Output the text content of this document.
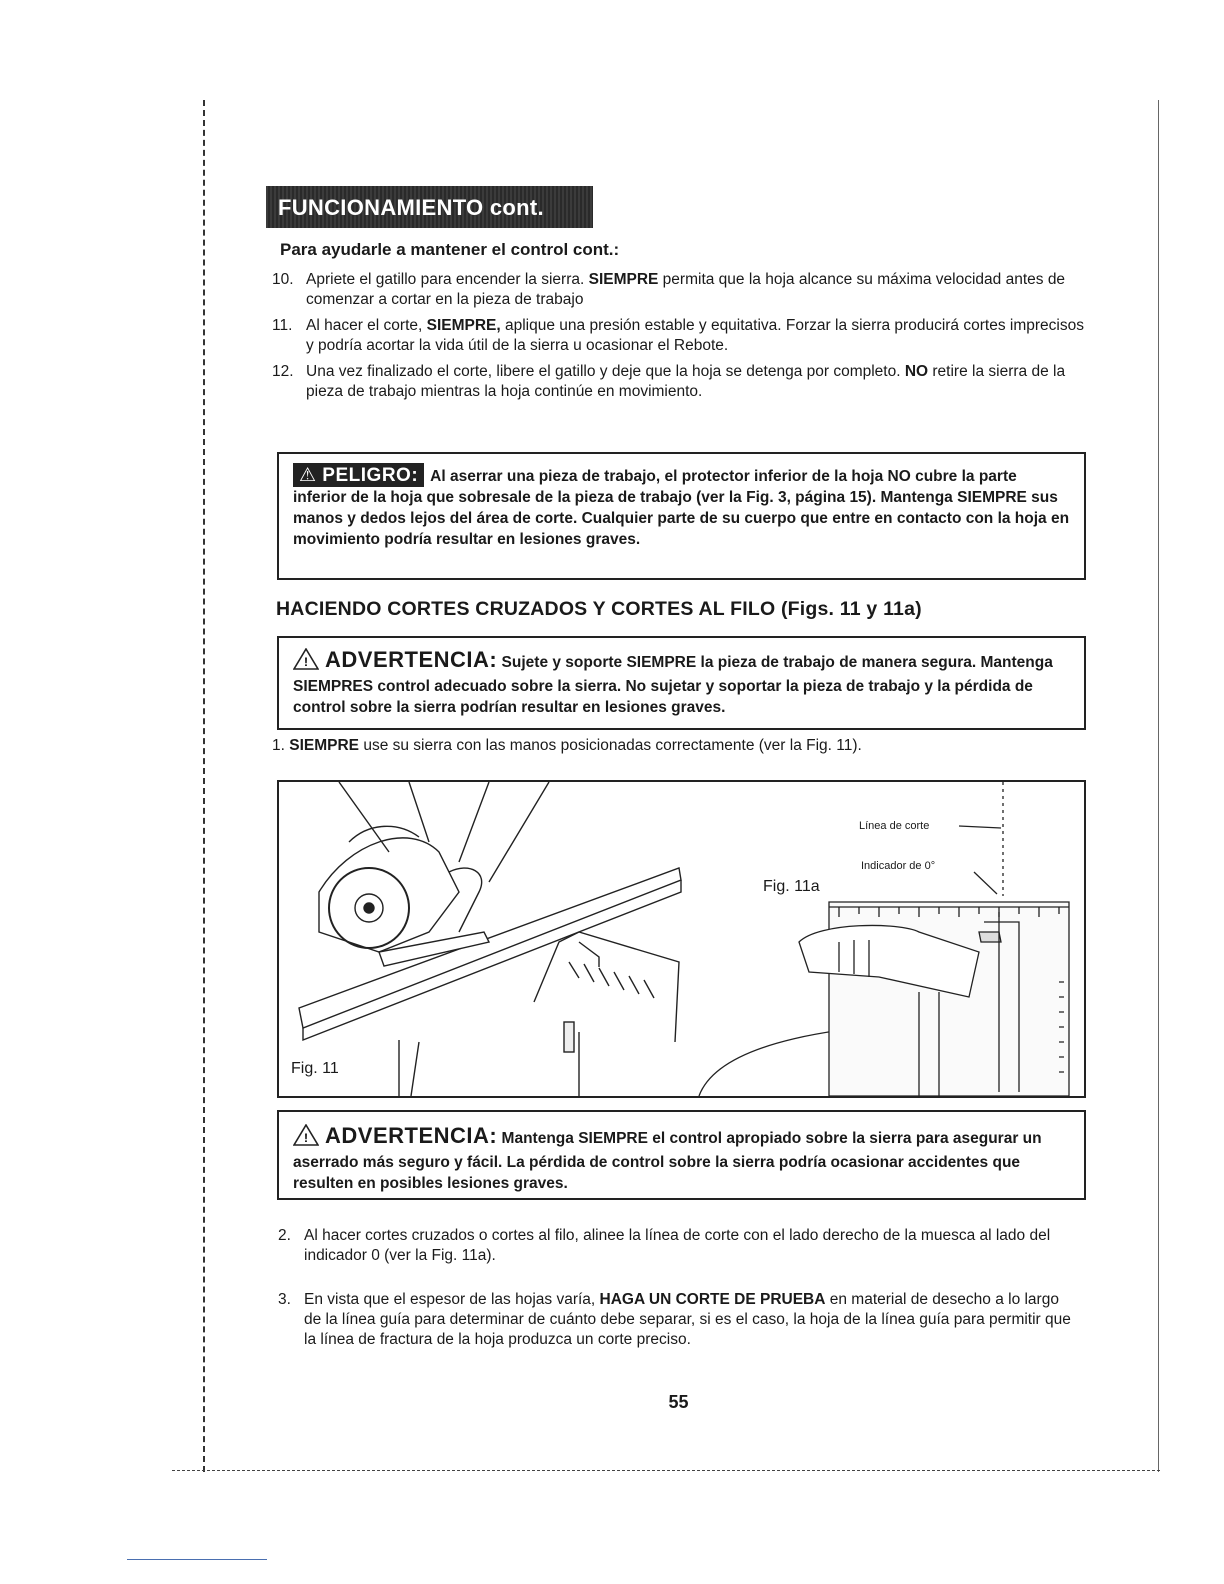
FUNCIONAMIENTO cont.
Para ayudarle a mantener el control cont.:
10. Apriete el gatillo para encender la sierra. SIEMPRE permita que la hoja alcance su máxima velocidad antes de comenzar a cortar en la pieza de trabajo
11. Al hacer el corte, SIEMPRE, aplique una presión estable y equitativa. Forzar la sierra producirá cortes imprecisos y podría acortar la vida útil de la sierra u ocasionar el Rebote.
12. Una vez finalizado el corte, libere el gatillo y deje que la hoja se detenga por completo. NO retire la sierra de la pieza de trabajo mientras la hoja continúe en movimiento.
⚠ PELIGRO: Al aserrar una pieza de trabajo, el protector inferior de la hoja NO cubre la parte inferior de la hoja que sobresale de la pieza de trabajo (ver la Fig. 3, página 15). Mantenga SIEMPRE sus manos y dedos lejos del área de corte. Cualquier parte de su cuerpo que entre en contacto con la hoja en movimiento podría resultar en lesiones graves.
HACIENDO CORTES CRUZADOS Y CORTES AL FILO (Figs. 11 y 11a)
! ADVERTENCIA: Sujete y soporte SIEMPRE la pieza de trabajo de manera segura. Mantenga SIEMPRES control adecuado sobre la sierra. No sujetar y soportar la pieza de trabajo y la pérdida de control sobre la sierra podrían resultar en lesiones graves.
1. SIEMPRE use su sierra con las manos posicionadas correctamente (ver la Fig. 11).
Fig. 11
Fig. 11a
Línea de corte
Indicador de 0°
! ADVERTENCIA: Mantenga SIEMPRE el control apropiado sobre la sierra para asegurar un aserrado más seguro y fácil. La pérdida de control sobre la sierra podría ocasionar accidentes que resulten en posibles lesiones graves.
2. Al hacer cortes cruzados o cortes al filo, alinee la línea de corte con el lado derecho de la muesca al lado del indicador 0 (ver la Fig. 11a).
3. En vista que el espesor de las hojas varía, HAGA UN CORTE DE PRUEBA en material de desecho a lo largo de la línea guía para determinar de cuánto debe separar, si es el caso, la hoja de la línea guía para permitir que la línea de fractura de la hoja produzca un corte preciso.
55
